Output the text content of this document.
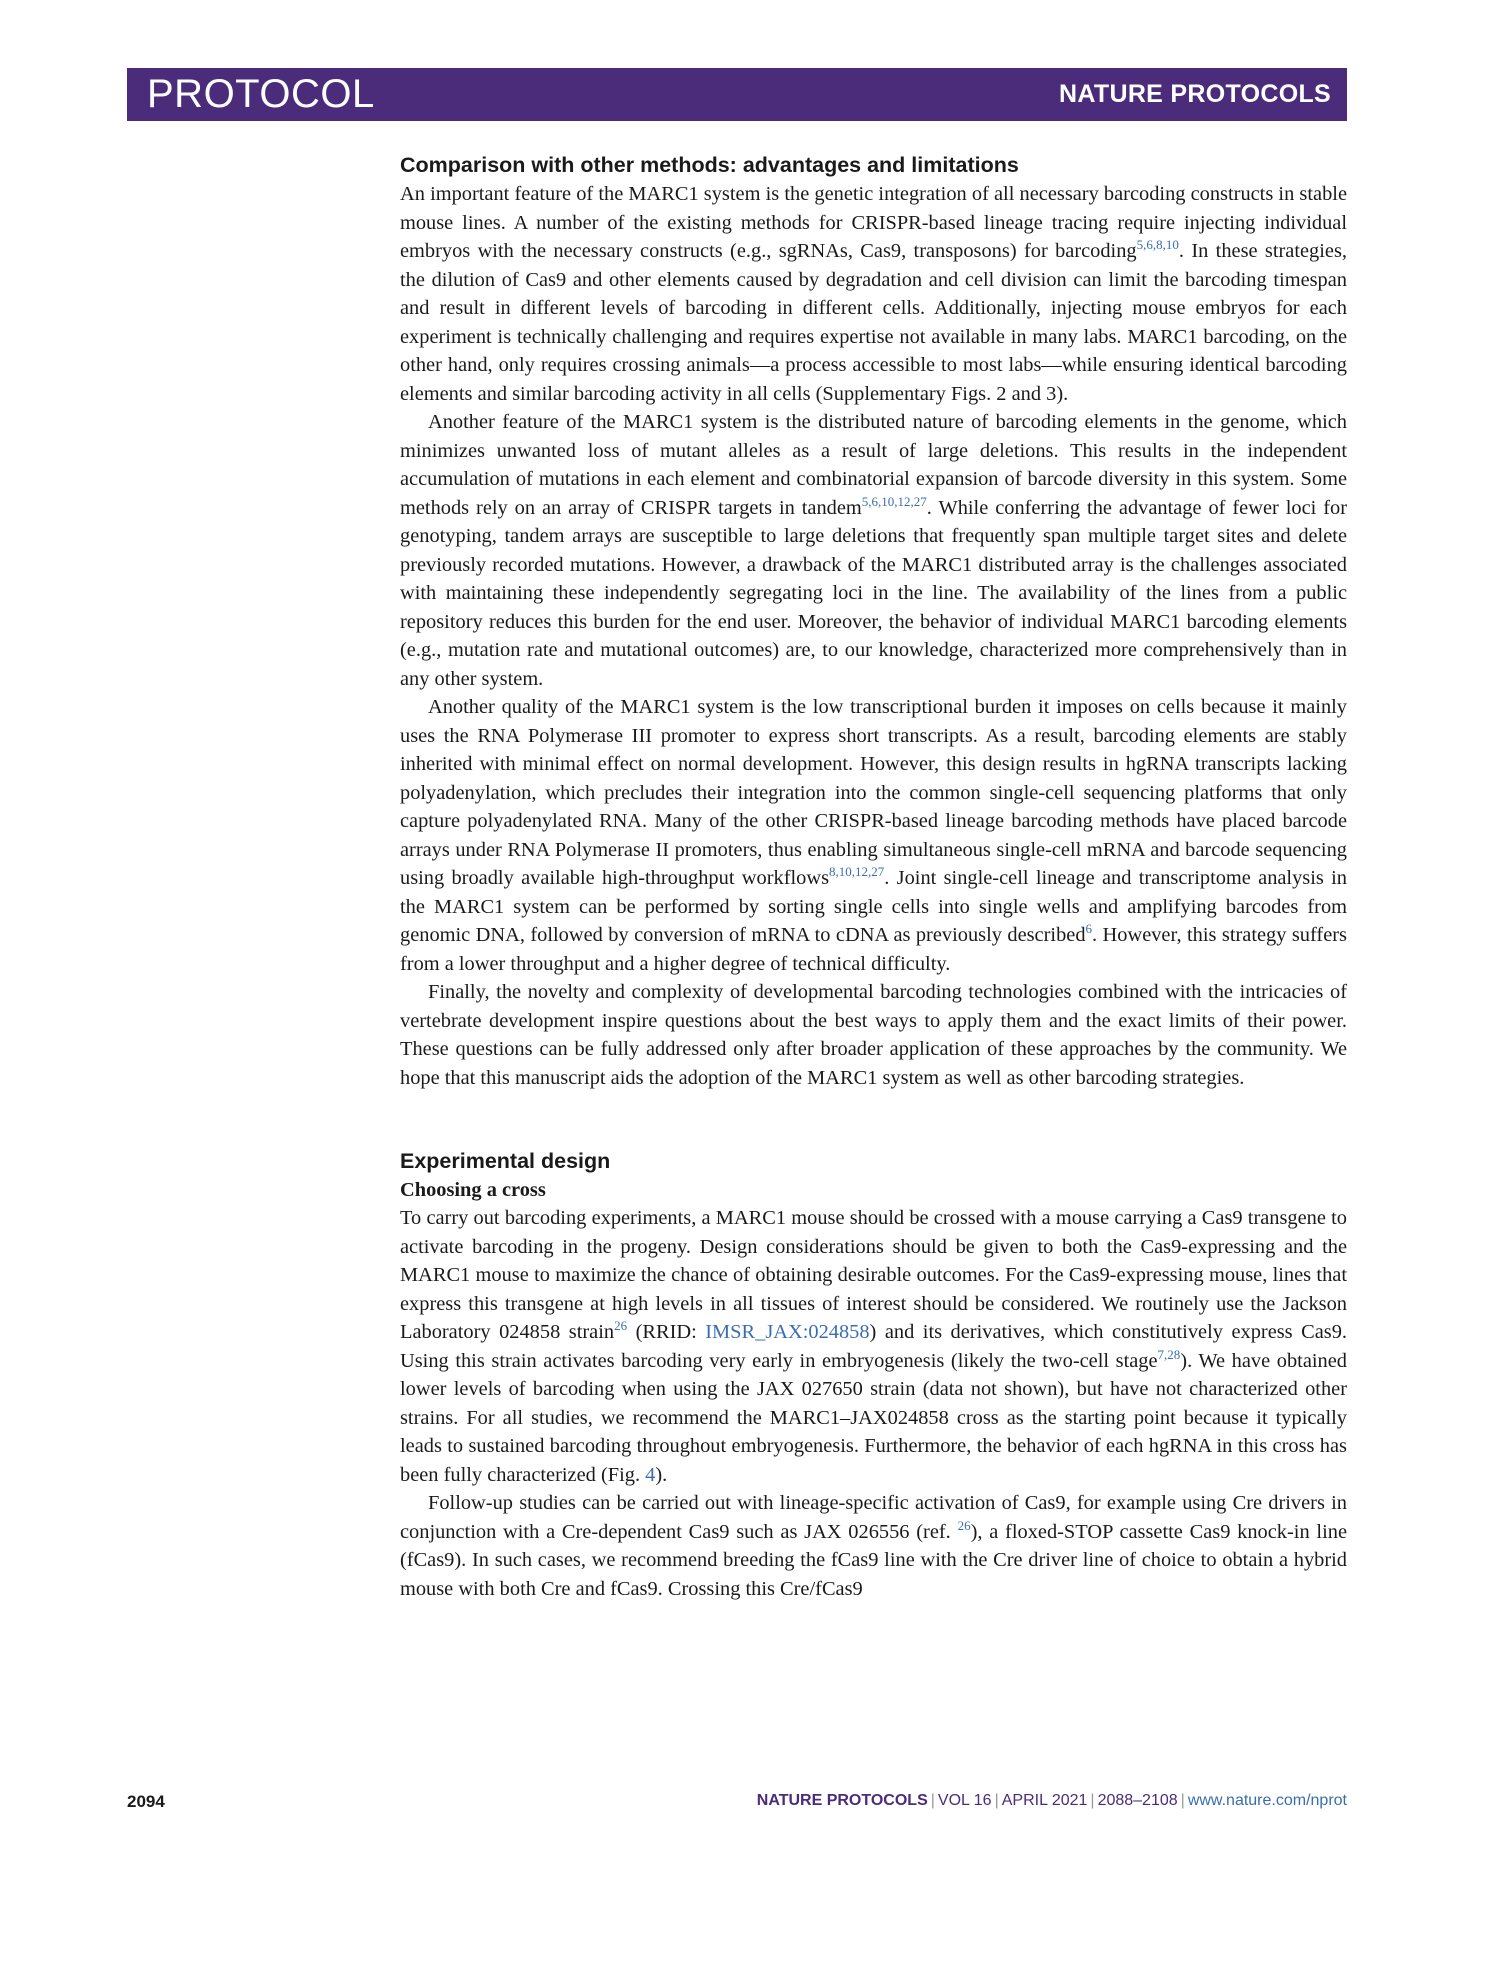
PROTOCOL	NATURE PROTOCOLS
Comparison with other methods: advantages and limitations

An important feature of the MARC1 system is the genetic integration of all necessary barcoding constructs in stable mouse lines. A number of the existing methods for CRISPR-based lineage tracing require injecting individual embryos with the necessary constructs (e.g., sgRNAs, Cas9, transposons) for barcoding$^{5,6,8,10}$. In these strategies, the dilution of Cas9 and other elements caused by degradation and cell division can limit the barcoding timespan and result in different levels of barcoding in different cells. Additionally, injecting mouse embryos for each experiment is technically challenging and requires expertise not available in many labs. MARC1 barcoding, on the other hand, only requires crossing animals—a process accessible to most labs—while ensuring identical barcoding elements and similar barcoding activity in all cells (Supplementary Figs. 2 and 3).

Another feature of the MARC1 system is the distributed nature of barcoding elements in the genome, which minimizes unwanted loss of mutant alleles as a result of large deletions. This results in the independent accumulation of mutations in each element and combinatorial expansion of barcode diversity in this system. Some methods rely on an array of CRISPR targets in tandem$^{5,6,10,12,27}$. While conferring the advantage of fewer loci for genotyping, tandem arrays are susceptible to large deletions that frequently span multiple target sites and delete previously recorded mutations. However, a drawback of the MARC1 distributed array is the challenges associated with maintaining these independently segregating loci in the line. The availability of the lines from a public repository reduces this burden for the end user. Moreover, the behavior of individual MARC1 barcoding elements (e.g., mutation rate and mutational outcomes) are, to our knowledge, characterized more comprehensively than in any other system.

Another quality of the MARC1 system is the low transcriptional burden it imposes on cells because it mainly uses the RNA Polymerase III promoter to express short transcripts. As a result, barcoding elements are stably inherited with minimal effect on normal development. However, this design results in hgRNA transcripts lacking polyadenylation, which precludes their integration into the common single-cell sequencing platforms that only capture polyadenylated RNA. Many of the other CRISPR-based lineage barcoding methods have placed barcode arrays under RNA Polymerase II promoters, thus enabling simultaneous single-cell mRNA and barcode sequencing using broadly available high-throughput workflows$^{8,10,12,27}$. Joint single-cell lineage and transcriptome analysis in the MARC1 system can be performed by sorting single cells into single wells and amplifying barcodes from genomic DNA, followed by conversion of mRNA to cDNA as previously described$^6$. However, this strategy suffers from a lower throughput and a higher degree of technical difficulty.

Finally, the novelty and complexity of developmental barcoding technologies combined with the intricacies of vertebrate development inspire questions about the best ways to apply them and the exact limits of their power. These questions can be fully addressed only after broader application of these approaches by the community. We hope that this manuscript aids the adoption of the MARC1 system as well as other barcoding strategies.

Experimental design
Choosing a cross

To carry out barcoding experiments, a MARC1 mouse should be crossed with a mouse carrying a Cas9 transgene to activate barcoding in the progeny. Design considerations should be given to both the Cas9-expressing and the MARC1 mouse to maximize the chance of obtaining desirable outcomes. For the Cas9-expressing mouse, lines that express this transgene at high levels in all tissues of interest should be considered. We routinely use the Jackson Laboratory 024858 strain$^{26}$ (RRID: IMSR_JAX:024858) and its derivatives, which constitutively express Cas9. Using this strain activates barcoding very early in embryogenesis (likely the two-cell stage$^{7,28}$). We have obtained lower levels of barcoding when using the JAX 027650 strain (data not shown), but have not characterized other strains. For all studies, we recommend the MARC1–JAX024858 cross as the starting point because it typically leads to sustained barcoding throughout embryogenesis. Furthermore, the behavior of each hgRNA in this cross has been fully characterized (Fig. 4).

Follow-up studies can be carried out with lineage-specific activation of Cas9, for example using Cre drivers in conjunction with a Cre-dependent Cas9 such as JAX 026556 (ref. $^{26}$), a floxed-STOP cassette Cas9 knock-in line (fCas9). In such cases, we recommend breeding the fCas9 line with the Cre driver line of choice to obtain a hybrid mouse with both Cre and fCas9. Crossing this Cre/fCas9

2094	NATURE PROTOCOLS | VOL 16 | APRIL 2021 | 2088–2108 | www.nature.com/nprot
